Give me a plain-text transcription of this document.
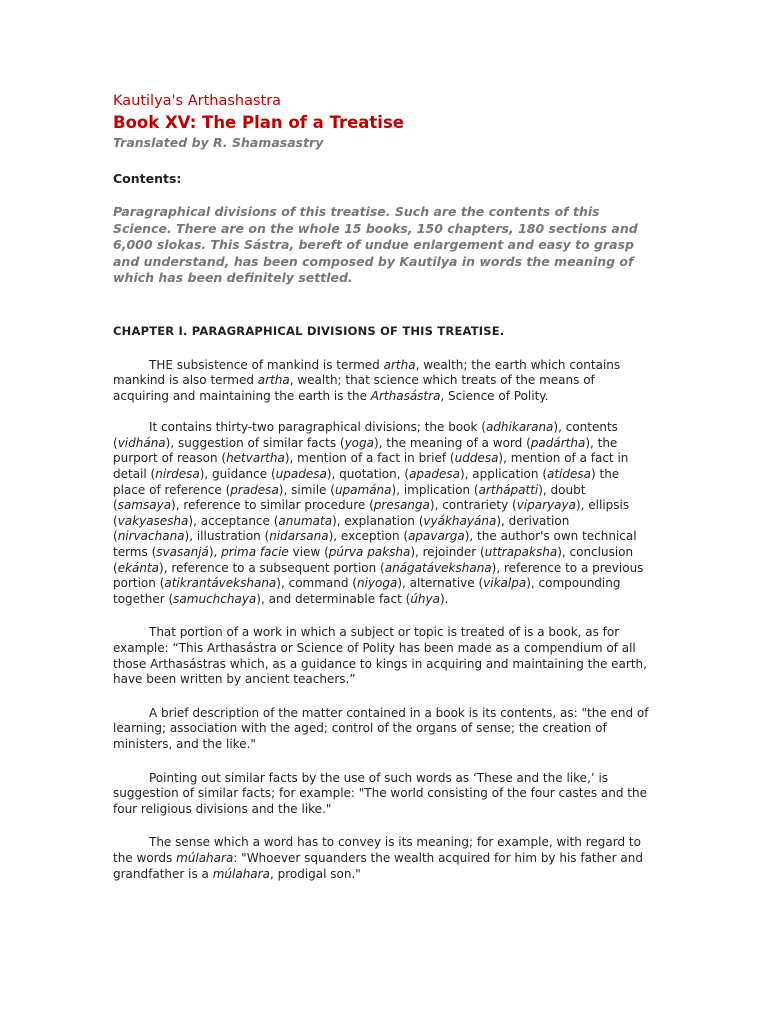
Kautilya's Arthashastra

Book XV: The Plan of a Treatise

Translated by R. Shamasastry

Contents:

Paragraphical divisions of this treatise. Such are the contents of this Science. There are on the whole 15 books, 150 chapters, 180 sections and 6,000 slokas. This Sástra, bereft of undue enlargement and easy to grasp and understand, has been composed by Kautilya in words the meaning of which has been definitely settled.

CHAPTER I. PARAGRAPHICAL DIVISIONS OF THIS TREATISE.

THE subsistence of mankind is termed artha, wealth; the earth which contains mankind is also termed artha, wealth; that science which treats of the means of acquiring and maintaining the earth is the Arthasástra, Science of Polity.

It contains thirty-two paragraphical divisions; the book (adhikarana), contents (vidhána), suggestion of similar facts (yoga), the meaning of a word (padártha), the purport of reason (hetvartha), mention of a fact in brief (uddesa), mention of a fact in detail (nirdesa), guidance (upadesa), quotation, (apadesa), application (atidesa) the place of reference (pradesa), simile (upamána), implication (arthápatti), doubt (samsaya), reference to similar procedure (presanga), contrariety (viparyaya), ellipsis (vakyasesha), acceptance (anumata), explanation (vyákhayána), derivation (nirvachana), illustration (nidarsana), exception (apavarga), the author's own technical terms (svasanjá), prima facie view (púrva paksha), rejoinder (uttrapaksha), conclusion (ekánta), reference to a subsequent portion (anágatávekshana), reference to a previous portion (atikrantávekshana), command (niyoga), alternative (vikalpa), compounding together (samuchchaya), and determinable fact (úhya).

That portion of a work in which a subject or topic is treated of is a book, as for example: “This Arthasástra or Science of Polity has been made as a compendium of all those Arthasástras which, as a guidance to kings in acquiring and maintaining the earth, have been written by ancient teachers.”

A brief description of the matter contained in a book is its contents, as: "the end of learning; association with the aged; control of the organs of sense; the creation of ministers, and the like."

Pointing out similar facts by the use of such words as ‘These and the like,’ is suggestion of similar facts; for example: "The world consisting of the four castes and the four religious divisions and the like."

The sense which a word has to convey is its meaning; for example, with regard to the words múlahara: "Whoever squanders the wealth acquired for him by his father and grandfather is a múlahara, prodigal son."
